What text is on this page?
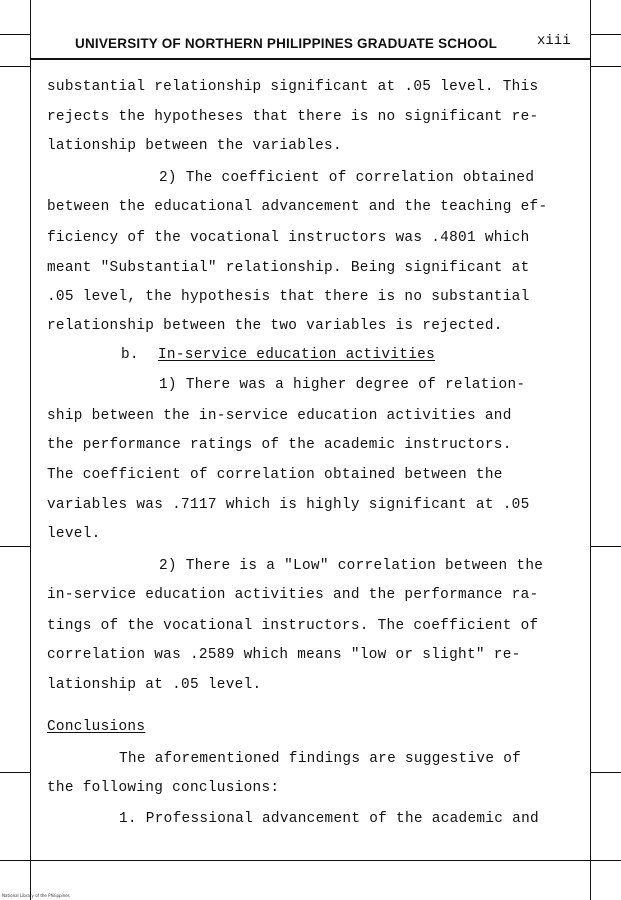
UNIVERSITY OF NORTHERN PHILIPPINES GRADUATE SCHOOL	xiii
substantial relationship significant at .05 level. This
rejects the hypotheses that there is no significant re-
lationship between the variables.
2) The coefficient of correlation obtained
between the educational advancement and the teaching ef-
ficiency of the vocational instructors was .4801 which
meant "Substantial" relationship. Being significant at
.05 level, the hypothesis that there is no substantial
relationship between the two variables is rejected.
b. In-service education activities
1) There was a higher degree of relation-
ship between the in-service education activities and
the performance ratings of the academic instructors.
The coefficient of correlation obtained between the
variables was .7117 which is highly significant at .05
level.
2) There is a "Low" correlation between the
in-service education activities and the performance ra-
tings of the vocational instructors. The coefficient of
correlation was .2589 which means "low or slight" re-
lationship at .05 level.
Conclusions
The aforementioned findings are suggestive of
the following conclusions:
1. Professional advancement of the academic and
National Library of the Philippines
